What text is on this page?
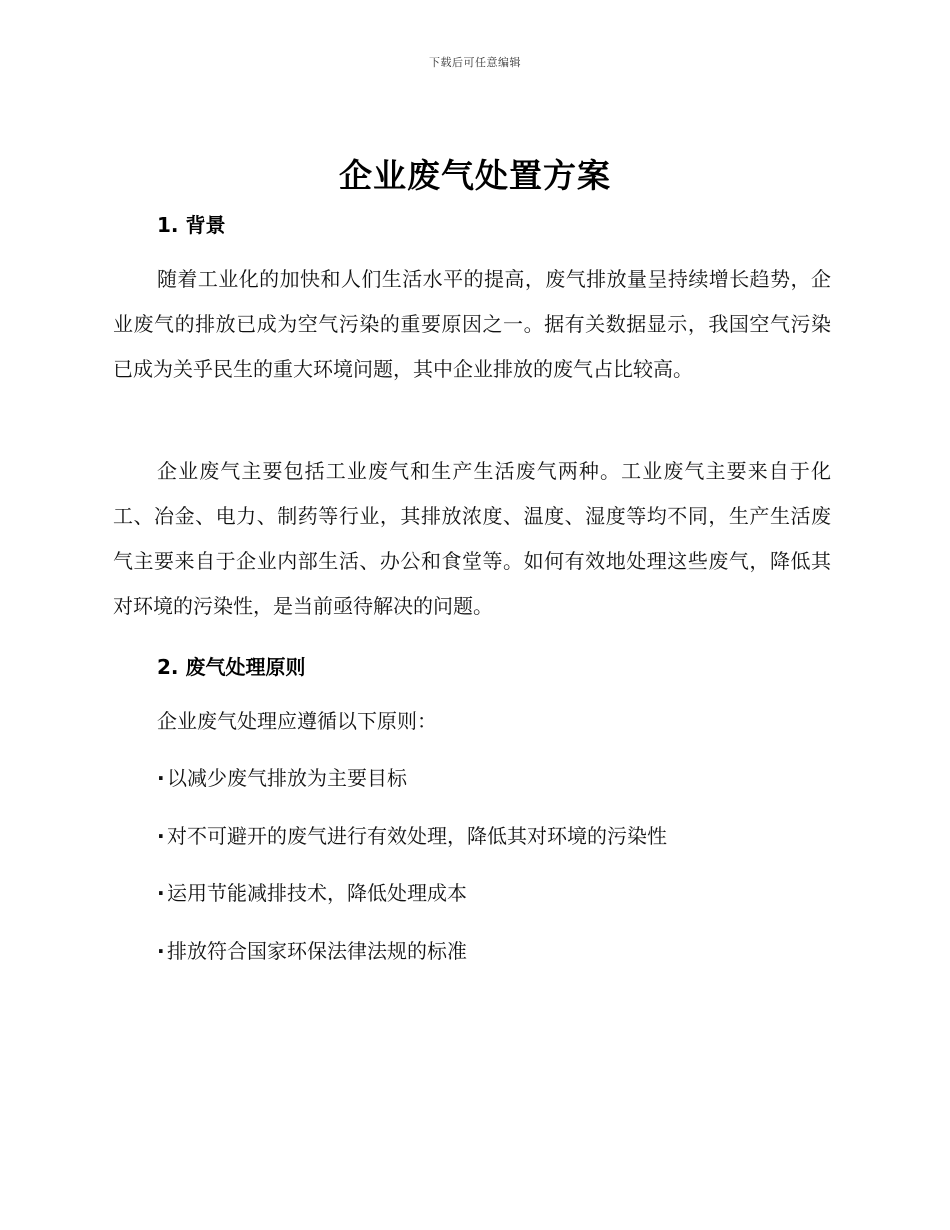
下载后可任意编辑
企业废气处置方案
1. 背景

随着工业化的加快和人们生活水平的提高，废气排放量呈持续增长趋势，企业废气的排放已成为空气污染的重要原因之一。据有关数据显示，我国空气污染已成为关乎民生的重大环境问题，其中企业排放的废气占比较高。

企业废气主要包括工业废气和生产生活废气两种。工业废气主要来自于化工、冶金、电力、制药等行业，其排放浓度、温度、湿度等均不同，生产生活废气主要来自于企业内部生活、办公和食堂等。如何有效地处理这些废气，降低其对环境的污染性，是当前亟待解决的问题。

2. 废气处理原则
企业废气处理应遵循以下原则：
· 以减少废气排放为主要目标
· 对不可避开的废气进行有效处理，降低其对环境的污染性
· 运用节能减排技术，降低处理成本
· 排放符合国家环保法律法规的标准
